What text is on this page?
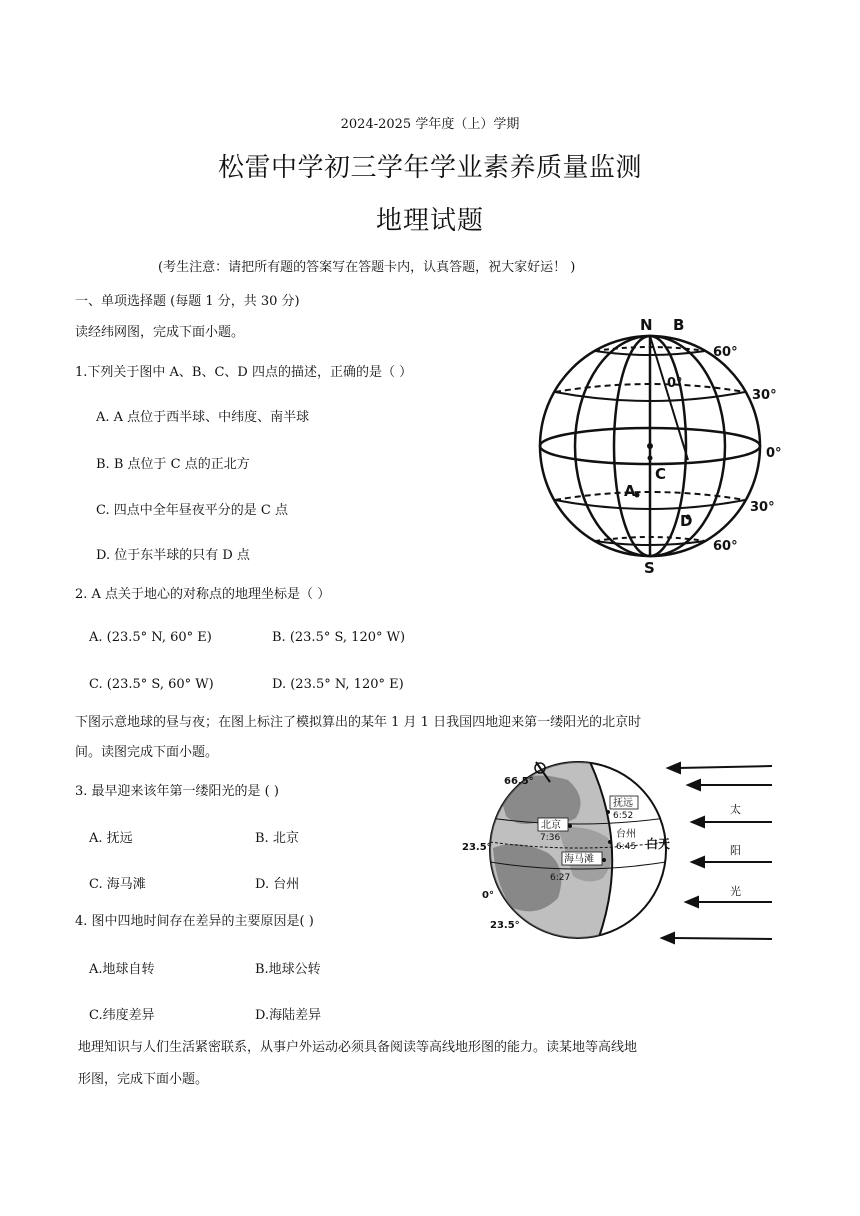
2024-2025 学年度（上）学期
松雷中学初三学年学业素养质量监测
地理试题
(考生注意：请把所有题的答案写在答题卡内，认真答题，祝大家好运！ )
一、单项选择题 (每题 1 分，共 30 分)
读经纬网图，完成下面小题。
1.下列关于图中 A、B、C、D 四点的描述，正确的是（ ）
A. A 点位于西半球、中纬度、南半球
B. B 点位于 C 点的正北方
C. 四点中全年昼夜平分的是 C 点
D. 位于东半球的只有 D 点
2. A 点关于地心的对称点的地理坐标是（ ）
A. (23.5° N, 60° E)	B. (23.5° S, 120° W)
C. (23.5° S, 60° W)	D. (23.5° N, 120° E)
下图示意地球的昼与夜；在图上标注了模拟算出的某年 1 月 1 日我国四地迎来第一缕阳光的北京时
间。读图完成下面小题。
3. 最早迎来该年第一缕阳光的是 ( )
A. 抚远	B. 北京
C. 海马滩	D. 台州
4. 图中四地时间存在差异的主要原因是( )
A.地球自转	B.地球公转
C.纬度差异	D.海陆差异
地理知识与人们生活紧密联系，从事户外运动必须具备阅读等高线地形图的能力。读某地等高线地
形图，完成下面小题。
N B
S
A
C
D
0°
60°
30°
0°
30°
60°
66.5°
23.5°
0°
23.5°
北京
7:36
抚远
6:52
台州
6:45
海马滩
6:27
白天
太
阳
光
